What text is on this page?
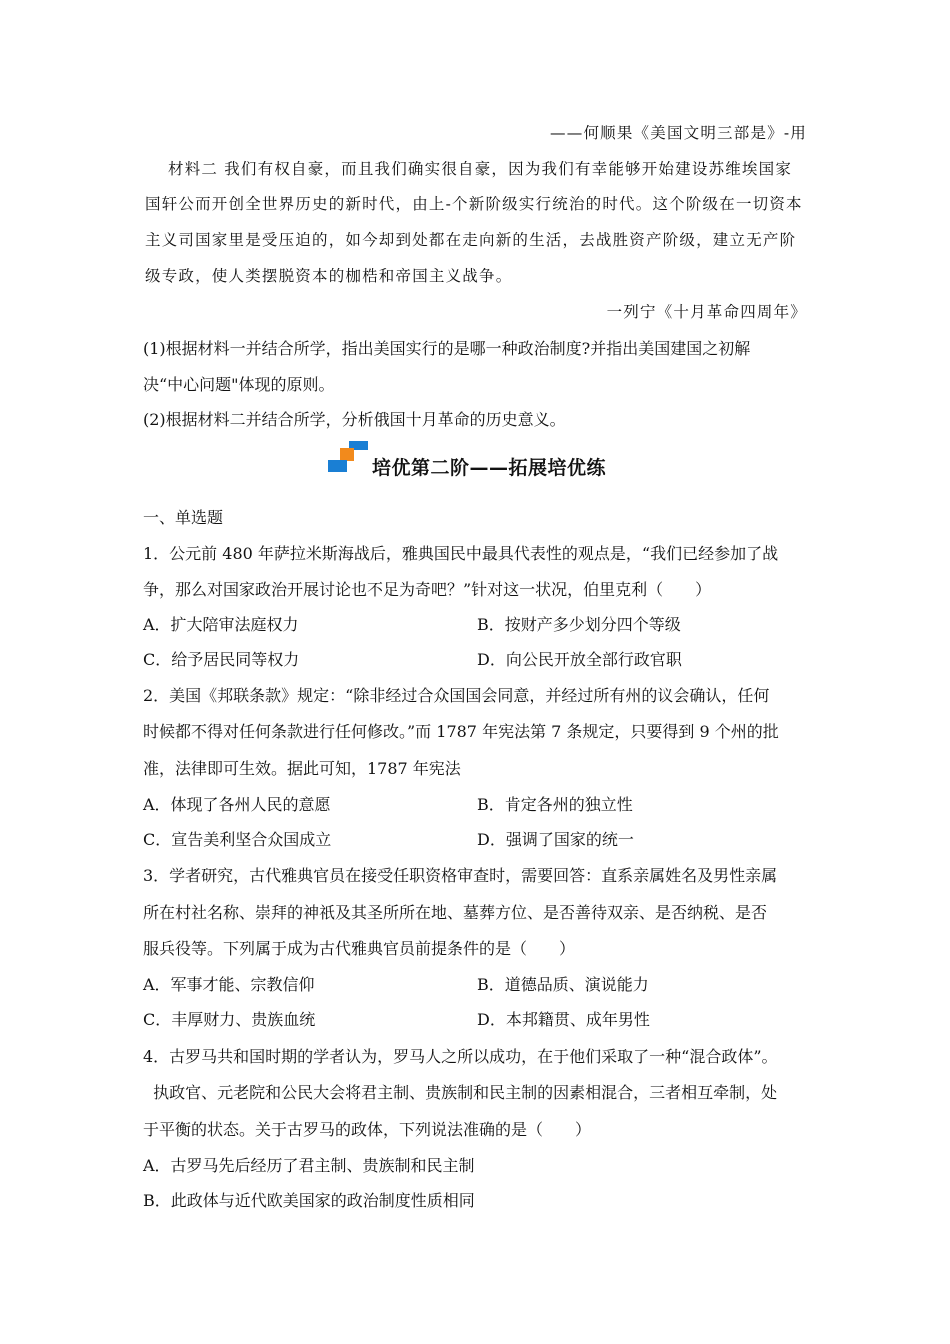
——何顺果《美国文明三部是》-用
材料二 我们有权自豪，而且我们确实很自豪，因为我们有幸能够开始建设苏维埃国家
国轩公而开创全世界历史的新时代，由上-个新阶级实行统治的时代。这个阶级在一切资本
主义司国家里是受压迫的，如今却到处都在走向新的生活，去战胜资产阶级，建立无产阶
级专政，使人类摆脱资本的枷梏和帝国主义战争。
一列宁《十月革命四周年》
(1)根据材料一并结合所学，指出美国实行的是哪一种政治制度?并指出美国建国之初解
决“中心问题"体现的原则。
(2)根据材料二并结合所学，分析俄国十月革命的历史意义。
培优第二阶——拓展培优练
一、单选题
1．公元前 480 年萨拉米斯海战后，雅典国民中最具代表性的观点是，“我们已经参加了战
争，那么对国家政治开展讨论也不足为奇吧？”针对这一状况，伯里克利（　　）
A．扩大陪审法庭权力	B．按财产多少划分四个等级
C．给予居民同等权力	D．向公民开放全部行政官职
2．美国《邦联条款》规定：“除非经过合众国国会同意，并经过所有州的议会确认，任何
时候都不得对任何条款进行任何修改。”而 1787 年宪法第 7 条规定，只要得到 9 个州的批
准，法律即可生效。据此可知，1787 年宪法
A．体现了各州人民的意愿	B．肯定各州的独立性
C．宣告美利坚合众国成立	D．强调了国家的统一
3．学者研究，古代雅典官员在接受任职资格审查时，需要回答：直系亲属姓名及男性亲属
所在村社名称、崇拜的神祇及其圣所所在地、墓葬方位、是否善待双亲、是否纳税、是否
服兵役等。下列属于成为古代雅典官员前提条件的是（　　）
A．军事才能、宗教信仰	B．道德品质、演说能力
C．丰厚财力、贵族血统	D．本邦籍贯、成年男性
4．古罗马共和国时期的学者认为，罗马人之所以成功，在于他们采取了一种“混合政体”。
执政官、元老院和公民大会将君主制、贵族制和民主制的因素相混合，三者相互牵制，处
于平衡的状态。关于古罗马的政体，下列说法准确的是（　　）
A．古罗马先后经历了君主制、贵族制和民主制
B．此政体与近代欧美国家的政治制度性质相同
